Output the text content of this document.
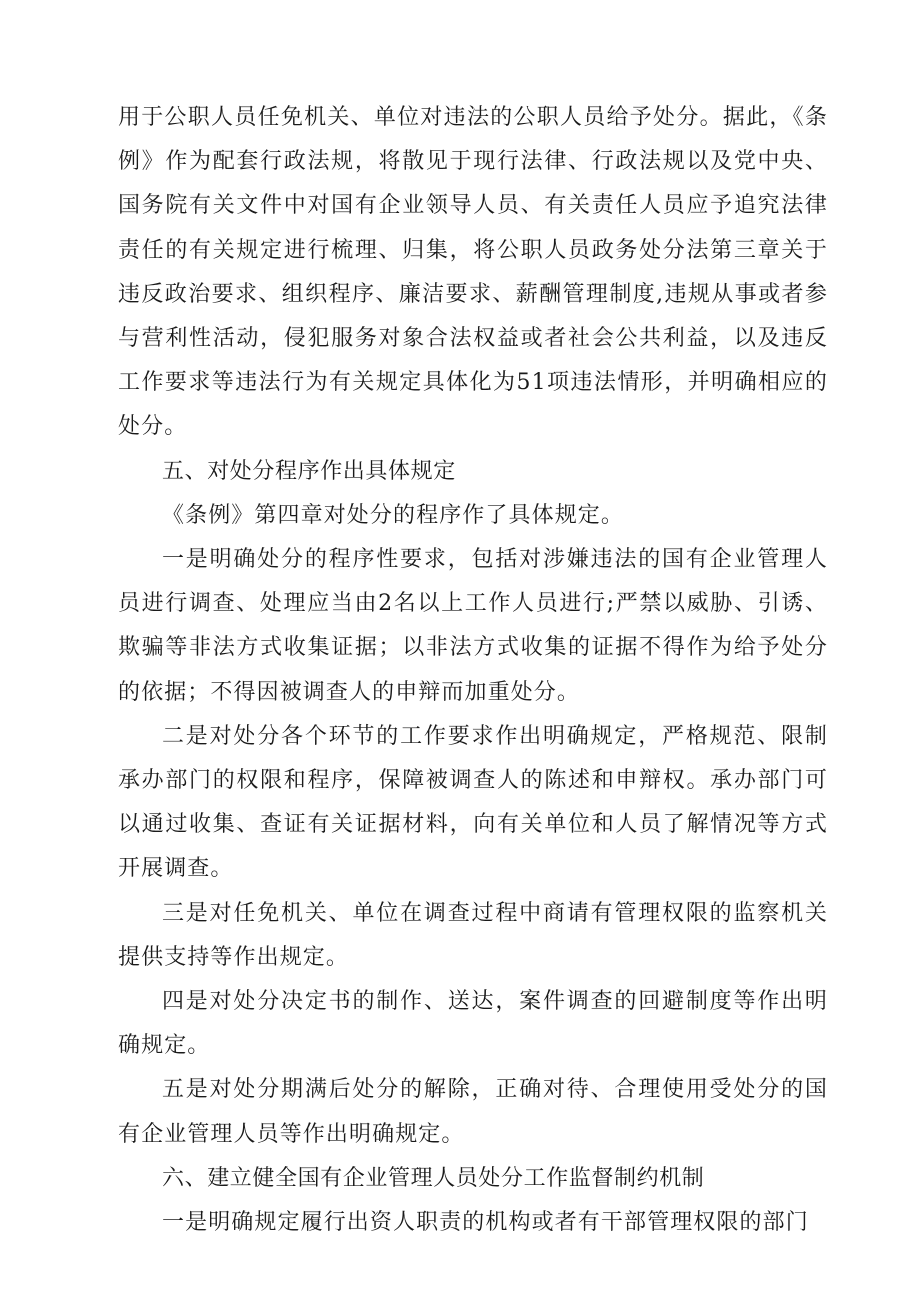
用于公职人员任免机关、单位对违法的公职人员给予处分。据此，《条例》作为配套行政法规，将散见于现行法律、行政法规以及党中央、国务院有关文件中对国有企业领导人员、有关责任人员应予追究法律责任的有关规定进行梳理、归集，将公职人员政务处分法第三章关于违反政治要求、组织程序、廉洁要求、薪酬管理制度,违规从事或者参与营利性活动，侵犯服务对象合法权益或者社会公共利益，以及违反工作要求等违法行为有关规定具体化为51项违法情形，并明确相应的处分。

五、对处分程序作出具体规定

《条例》第四章对处分的程序作了具体规定。

一是明确处分的程序性要求，包括对涉嫌违法的国有企业管理人员进行调查、处理应当由2名以上工作人员进行;严禁以威胁、引诱、欺骗等非法方式收集证据；以非法方式收集的证据不得作为给予处分的依据；不得因被调查人的申辩而加重处分。

二是对处分各个环节的工作要求作出明确规定，严格规范、限制承办部门的权限和程序，保障被调查人的陈述和申辩权。承办部门可以通过收集、查证有关证据材料，向有关单位和人员了解情况等方式开展调查。

三是对任免机关、单位在调查过程中商请有管理权限的监察机关提供支持等作出规定。

四是对处分决定书的制作、送达，案件调查的回避制度等作出明确规定。

五是对处分期满后处分的解除，正确对待、合理使用受处分的国有企业管理人员等作出明确规定。

六、建立健全国有企业管理人员处分工作监督制约机制

一是明确规定履行出资人职责的机构或者有干部管理权限的部门
